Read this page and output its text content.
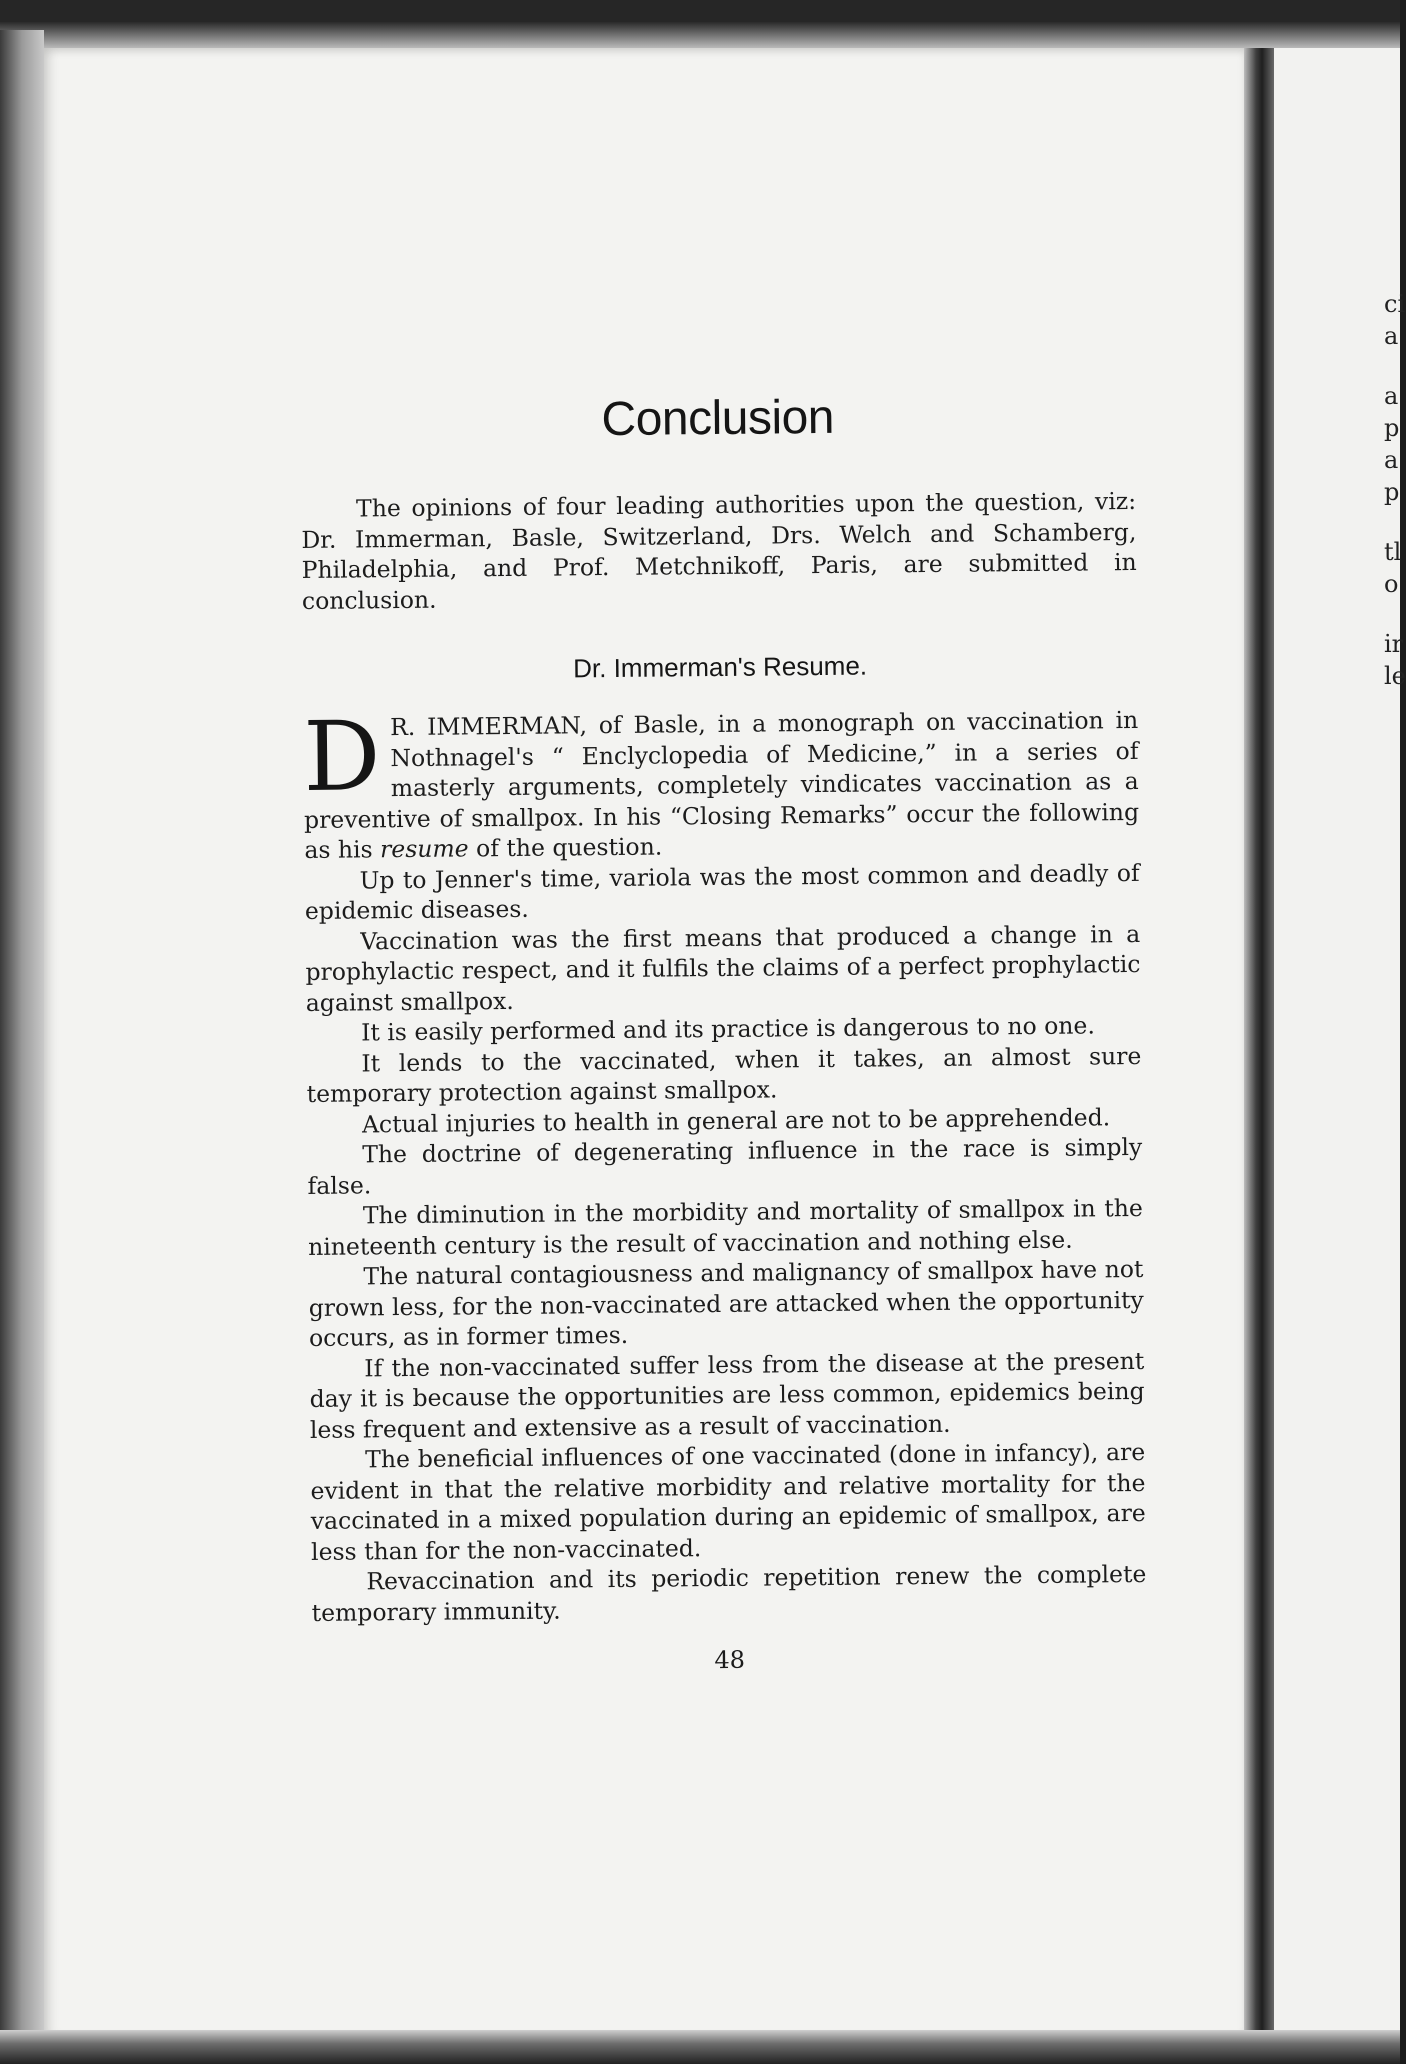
ci
a
a
p
a
p
tl
o
ir
le
Conclusion

The opinions of four leading authorities upon the question, viz: Dr. Immerman, Basle, Switzerland, Drs. Welch and Schamberg, Philadelphia, and Prof. Metchnikoff, Paris, are submitted in conclusion.

Dr. Immerman's Resume.

D R. IMMERMAN, of Basle, in a monograph on vaccination in Nothnagel's “ Enclyclopedia of Medicine,” in a series of masterly arguments, completely vindicates vaccination as a preventive of smallpox. In his “Closing Remarks” occur the following as his resume of the question.

Up to Jenner's time, variola was the most common and deadly of epidemic diseases.

Vaccination was the first means that produced a change in a prophylactic respect, and it fulfils the claims of a perfect prophylactic against smallpox.

It is easily performed and its practice is dangerous to no one.

It lends to the vaccinated, when it takes, an almost sure temporary protection against smallpox.

Actual injuries to health in general are not to be apprehended.

The doctrine of degenerating influence in the race is simply false.

The diminution in the morbidity and mortality of smallpox in the nineteenth century is the result of vaccination and nothing else.

The natural contagiousness and malignancy of smallpox have not grown less, for the non-vaccinated are attacked when the opportunity occurs, as in former times.

If the non-vaccinated suffer less from the disease at the present day it is because the opportunities are less common, epidemics being less frequent and extensive as a result of vaccination.

The beneficial influences of one vaccinated (done in infancy), are evident in that the relative morbidity and relative mortality for the vaccinated in a mixed population during an epidemic of smallpox, are less than for the non-vaccinated.

Revaccination and its periodic repetition renew the complete temporary immunity.

48
